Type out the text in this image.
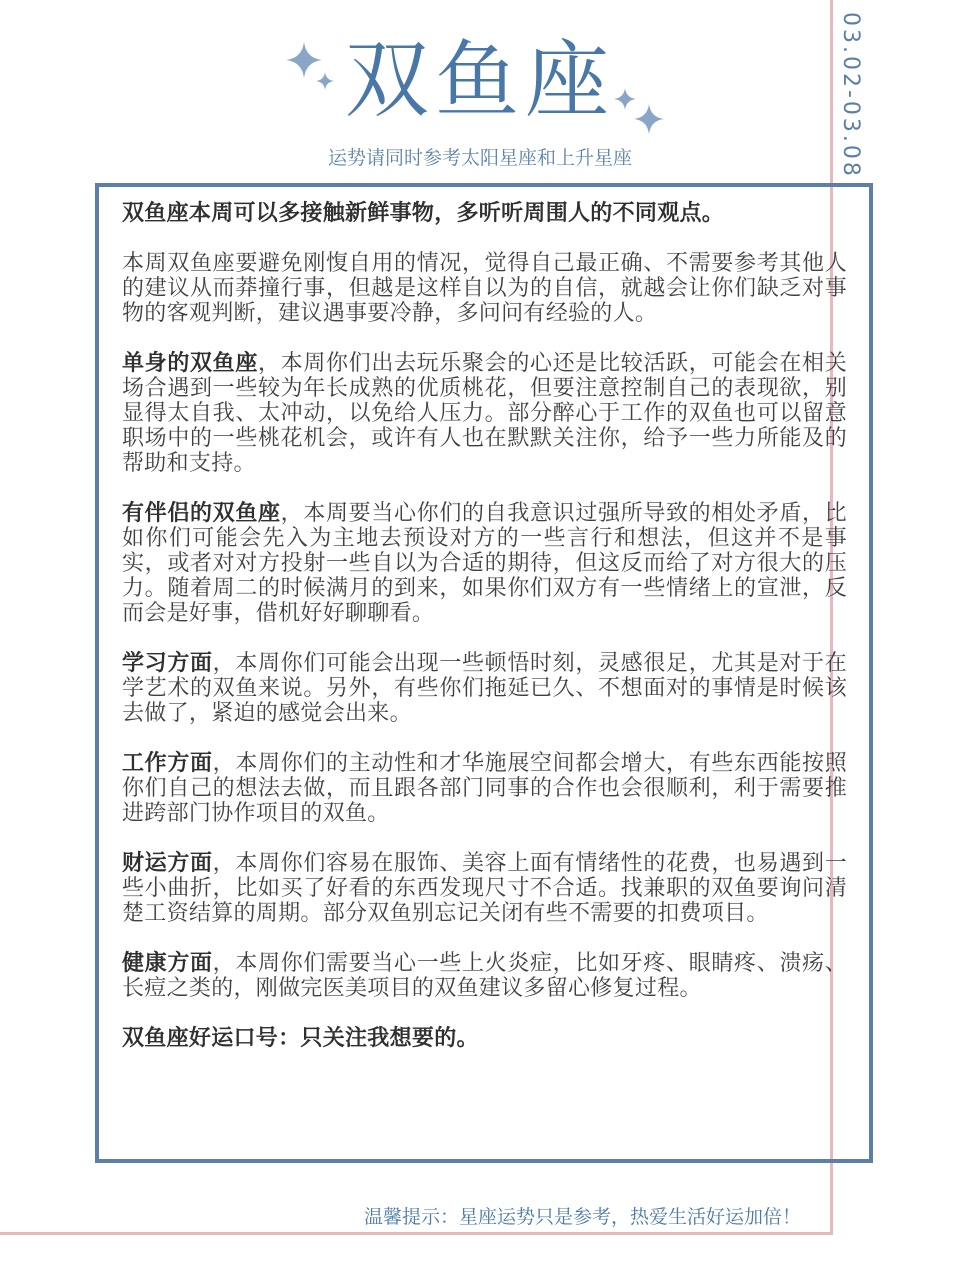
03.02-03.08
双鱼座
运势请同时参考太阳星座和上升星座

双鱼座本周可以多接触新鲜事物，多听听周围人的不同观点。

本周双鱼座要避免刚愎自用的情况，觉得自己最正确、不需要参考其他人的建议从而莽撞行事，但越是这样自以为的自信，就越会让你们缺乏对事物的客观判断，建议遇事要冷静，多问问有经验的人。

单身的双鱼座，本周你们出去玩乐聚会的心还是比较活跃，可能会在相关场合遇到一些较为年长成熟的优质桃花，但要注意控制自己的表现欲，别显得太自我、太冲动，以免给人压力。部分醉心于工作的双鱼也可以留意职场中的一些桃花机会，或许有人也在默默关注你，给予一些力所能及的帮助和支持。

有伴侣的双鱼座，本周要当心你们的自我意识过强所导致的相处矛盾，比如你们可能会先入为主地去预设对方的一些言行和想法，但这并不是事实，或者对对方投射一些自以为合适的期待，但这反而给了对方很大的压力。随着周二的时候满月的到来，如果你们双方有一些情绪上的宣泄，反而会是好事，借机好好聊聊看。

学习方面，本周你们可能会出现一些顿悟时刻，灵感很足，尤其是对于在学艺术的双鱼来说。另外，有些你们拖延已久、不想面对的事情是时候该去做了，紧迫的感觉会出来。

工作方面，本周你们的主动性和才华施展空间都会增大，有些东西能按照你们自己的想法去做，而且跟各部门同事的合作也会很顺利，利于需要推进跨部门协作项目的双鱼。

财运方面，本周你们容易在服饰、美容上面有情绪性的花费，也易遇到一些小曲折，比如买了好看的东西发现尺寸不合适。找兼职的双鱼要询问清楚工资结算的周期。部分双鱼别忘记关闭有些不需要的扣费项目。

健康方面，本周你们需要当心一些上火炎症，比如牙疼、眼睛疼、溃疡、长痘之类的，刚做完医美项目的双鱼建议多留心修复过程。

双鱼座好运口号：只关注我想要的。

温馨提示：星座运势只是参考，热爱生活好运加倍！
